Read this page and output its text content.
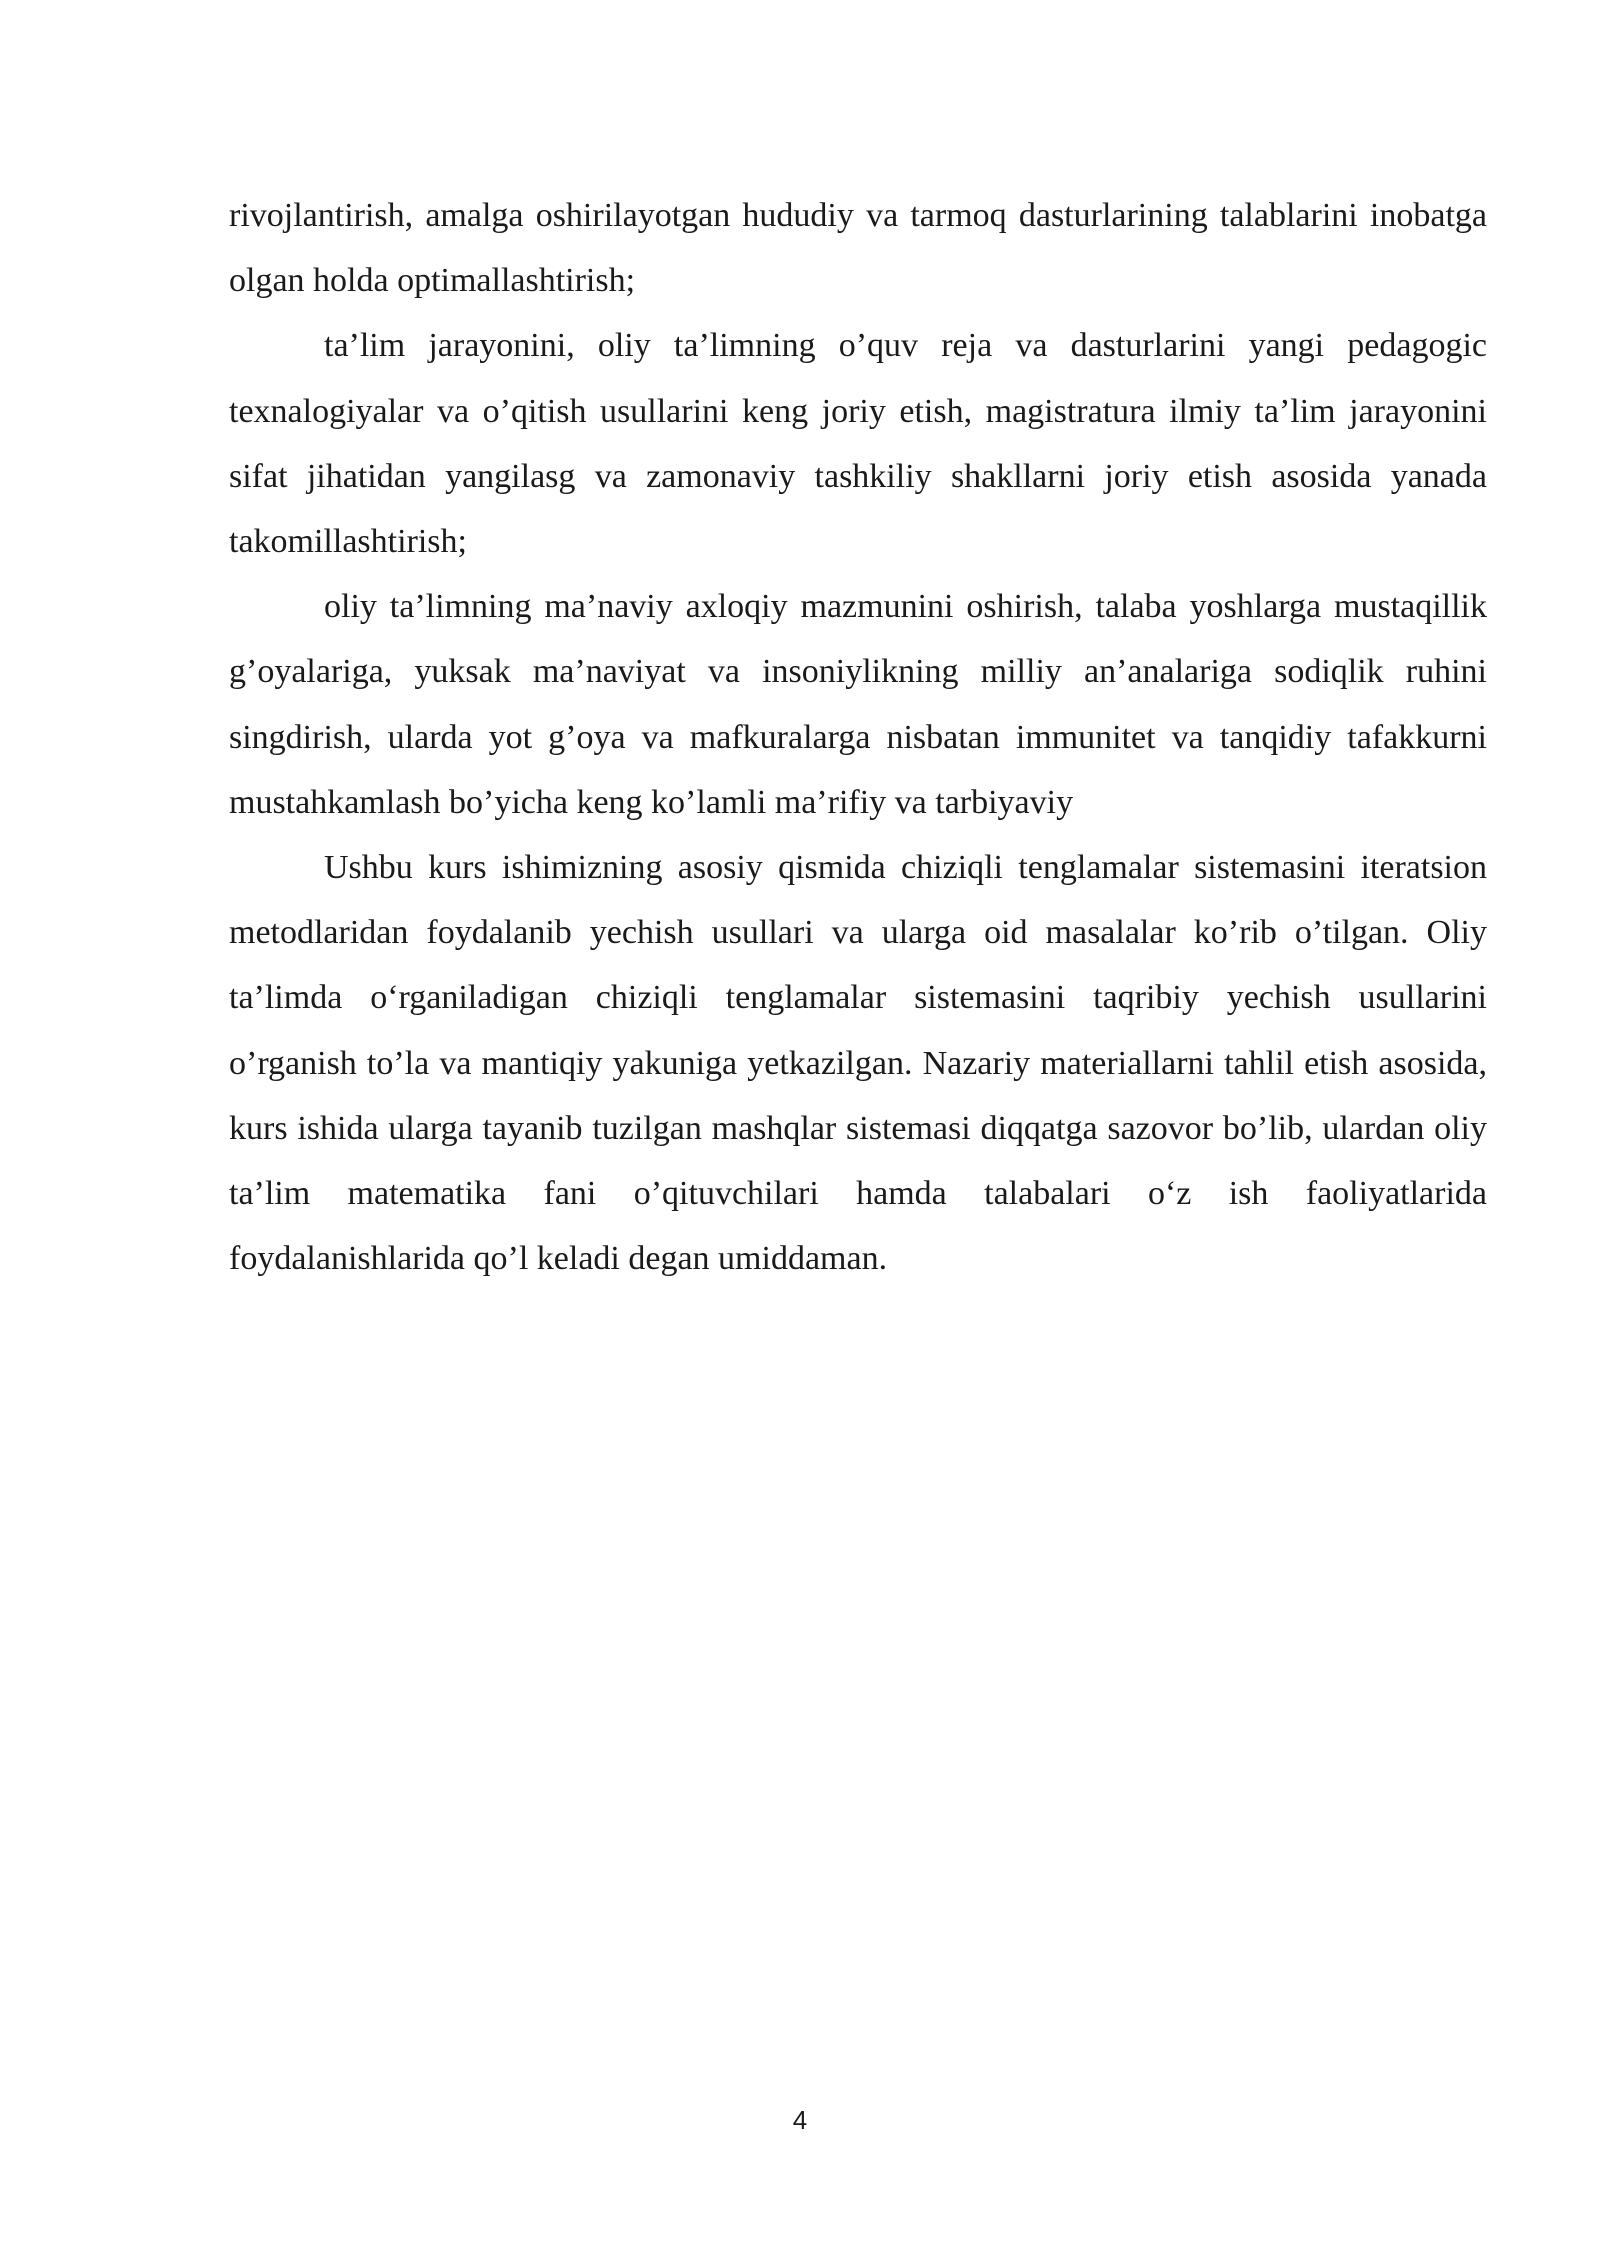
rivojlantirish, amalga oshirilayotgan hududiy va tarmoq dasturlarining talablarini inobatga olgan holda optimallashtirish;

ta’lim jarayonini, oliy ta’limning o’quv reja va dasturlarini yangi pedagogic texnalogiyalar va o’qitish usullarini keng joriy etish, magistratura ilmiy ta’lim jarayonini sifat jihatidan yangilasg va zamonaviy tashkiliy shakllarni joriy etish asosida yanada takomillashtirish;

oliy ta’limning ma’naviy axloqiy mazmunini oshirish, talaba yoshlarga mustaqillik g’oyalariga, yuksak ma’naviyat va insoniylikning milliy an’analariga sodiqlik ruhini singdirish, ularda yot g’oya va mafkuralarga nisbatan immunitet va tanqidiy tafakkurni mustahkamlash bo’yicha keng ko’lamli ma’rifiy va tarbiyaviy

Ushbu kurs ishimizning asosiy qismida chiziqli tenglamalar sistemasini iteratsion metodlaridan foydalanib yechish usullari va ularga oid masalalar ko’rib o’tilgan. Oliy ta’limda o‘rganiladigan chiziqli tenglamalar sistemasini taqribiy yechish usullarini o’rganish to’la va mantiqiy yakuniga yetkazilgan. Nazariy materiallarni tahlil etish asosida, kurs ishida ularga tayanib tuzilgan mashqlar sistemasi diqqatga sazovor bo’lib, ulardan oliy ta’lim matematika fani o’qituvchilari hamda talabalari o‘z ish faoliyatlarida foydalanishlarida qo’l keladi degan umiddaman.

4
